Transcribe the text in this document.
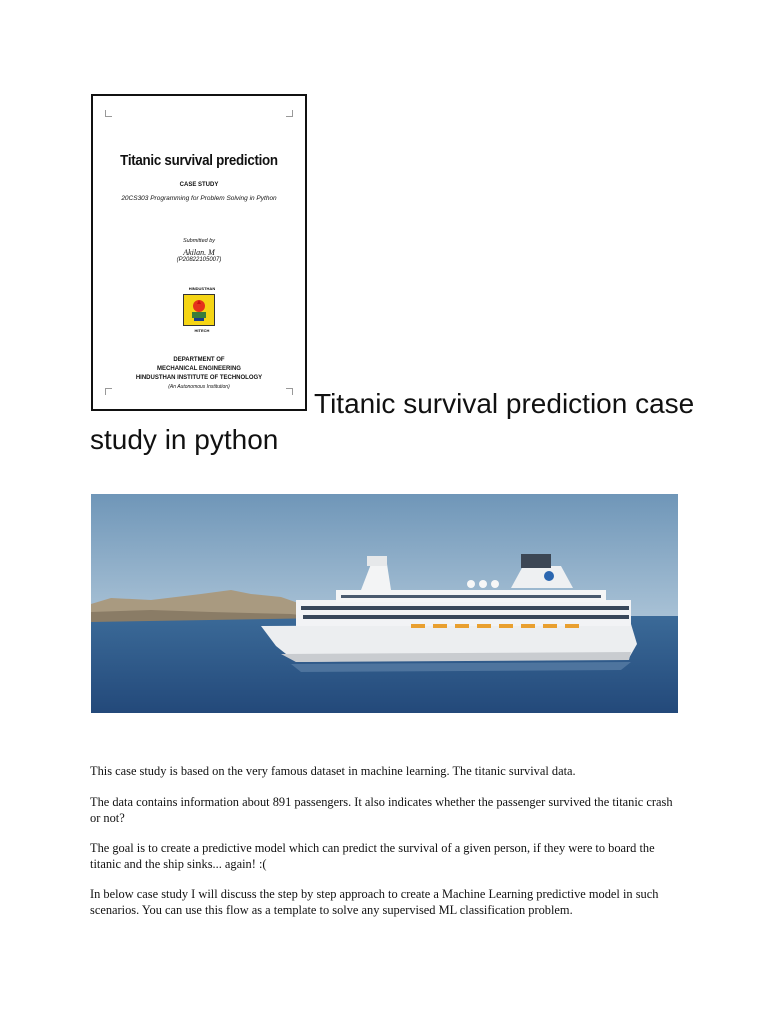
Titanic survival prediction
CASE STUDY
20CS303 Programming for Problem Solving in Python
Submitted by
Akilan. M
(P20822105007)
HINDUSTHAN
HITECH
DEPARTMENT OF
MECHANICAL ENGINEERING
HINDUSTHAN INSTITUTE OF TECHNOLOGY
(An Autonomous Institution)
Titanic survival prediction case study in python

This case study is based on the very famous dataset in machine learning. The titanic survival data.

The data contains information about 891 passengers. It also indicates whether the passenger survived the titanic crash or not?

The goal is to create a predictive model which can predict the survival of a given person, if they were to board the titanic and the ship sinks... again! :(

In below case study I will discuss the step by step approach to create a Machine Learning predictive model in such scenarios. You can use this flow as a template to solve any supervised ML classification problem.
